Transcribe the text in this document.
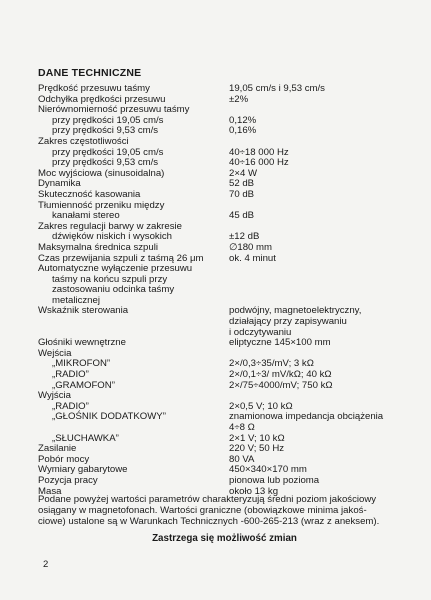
DANE TECHNICZNE
Prędkość przesuwu taśmy	19,05 cm/s i 9,53 cm/s
Odchyłka prędkości przesuwu	±2%
Nierównomierność przesuwu taśmy
przy prędkości 19,05 cm/s	0,12%
przy prędkości 9,53 cm/s	0,16%
Zakres częstotliwości
przy prędkości 19,05 cm/s	40÷18 000 Hz
przy prędkości 9,53 cm/s	40÷16 000 Hz
Moc wyjściowa (sinusoidalna)	2×4 W
Dynamika	52 dB
Skuteczność kasowania	70 dB
Tłumienność przeniku między
kanałami stereo	45 dB
Zakres regulacji barwy w zakresie
dźwięków niskich i wysokich	±12 dB
Maksymalna średnica szpuli	∅180 mm
Czas przewijania szpuli z taśmą 26 μm	ok. 4 minut
Automatyczne wyłączenie przesuwu
taśmy na końcu szpuli przy
zastosowaniu odcinka taśmy
metalicznej
Wskaźnik sterowania	podwójny, magnetoelektryczny,
działający przy zapisywaniu
i odczytywaniu
Głośniki wewnętrzne	eliptyczne 145×100 mm
Wejścia
„MIKROFON”	2×/0,3÷35/mV; 3 kΩ
„RADIO”	2×/0,1÷3/ mV/kΩ; 40 kΩ
„GRAMOFON”	2×/75÷4000/mV; 750 kΩ
Wyjścia
„RADIO”	2×0,5 V; 10 kΩ
„GŁOŚNIK DODATKOWY”	znamionowa impedancja obciążenia
4÷8 Ω
„SŁUCHAWKA”	2×1 V; 10 kΩ
Zasilanie	220 V; 50 Hz
Pobór mocy	80 VA
Wymiary gabarytowe	450×340×170 mm
Pozycja pracy	pionowa lub pozioma
Masa	około 13 kg
Podane powyżej wartości parametrów charakteryzują średni poziom jakościowy
osiągany w magnetofonach. Wartości graniczne (obowiązkowe minima jakoś-
ciowe) ustalone są w Warunkach Technicznych -600-265-213 (wraz z aneksem).
Zastrzega się możliwość zmian
2
